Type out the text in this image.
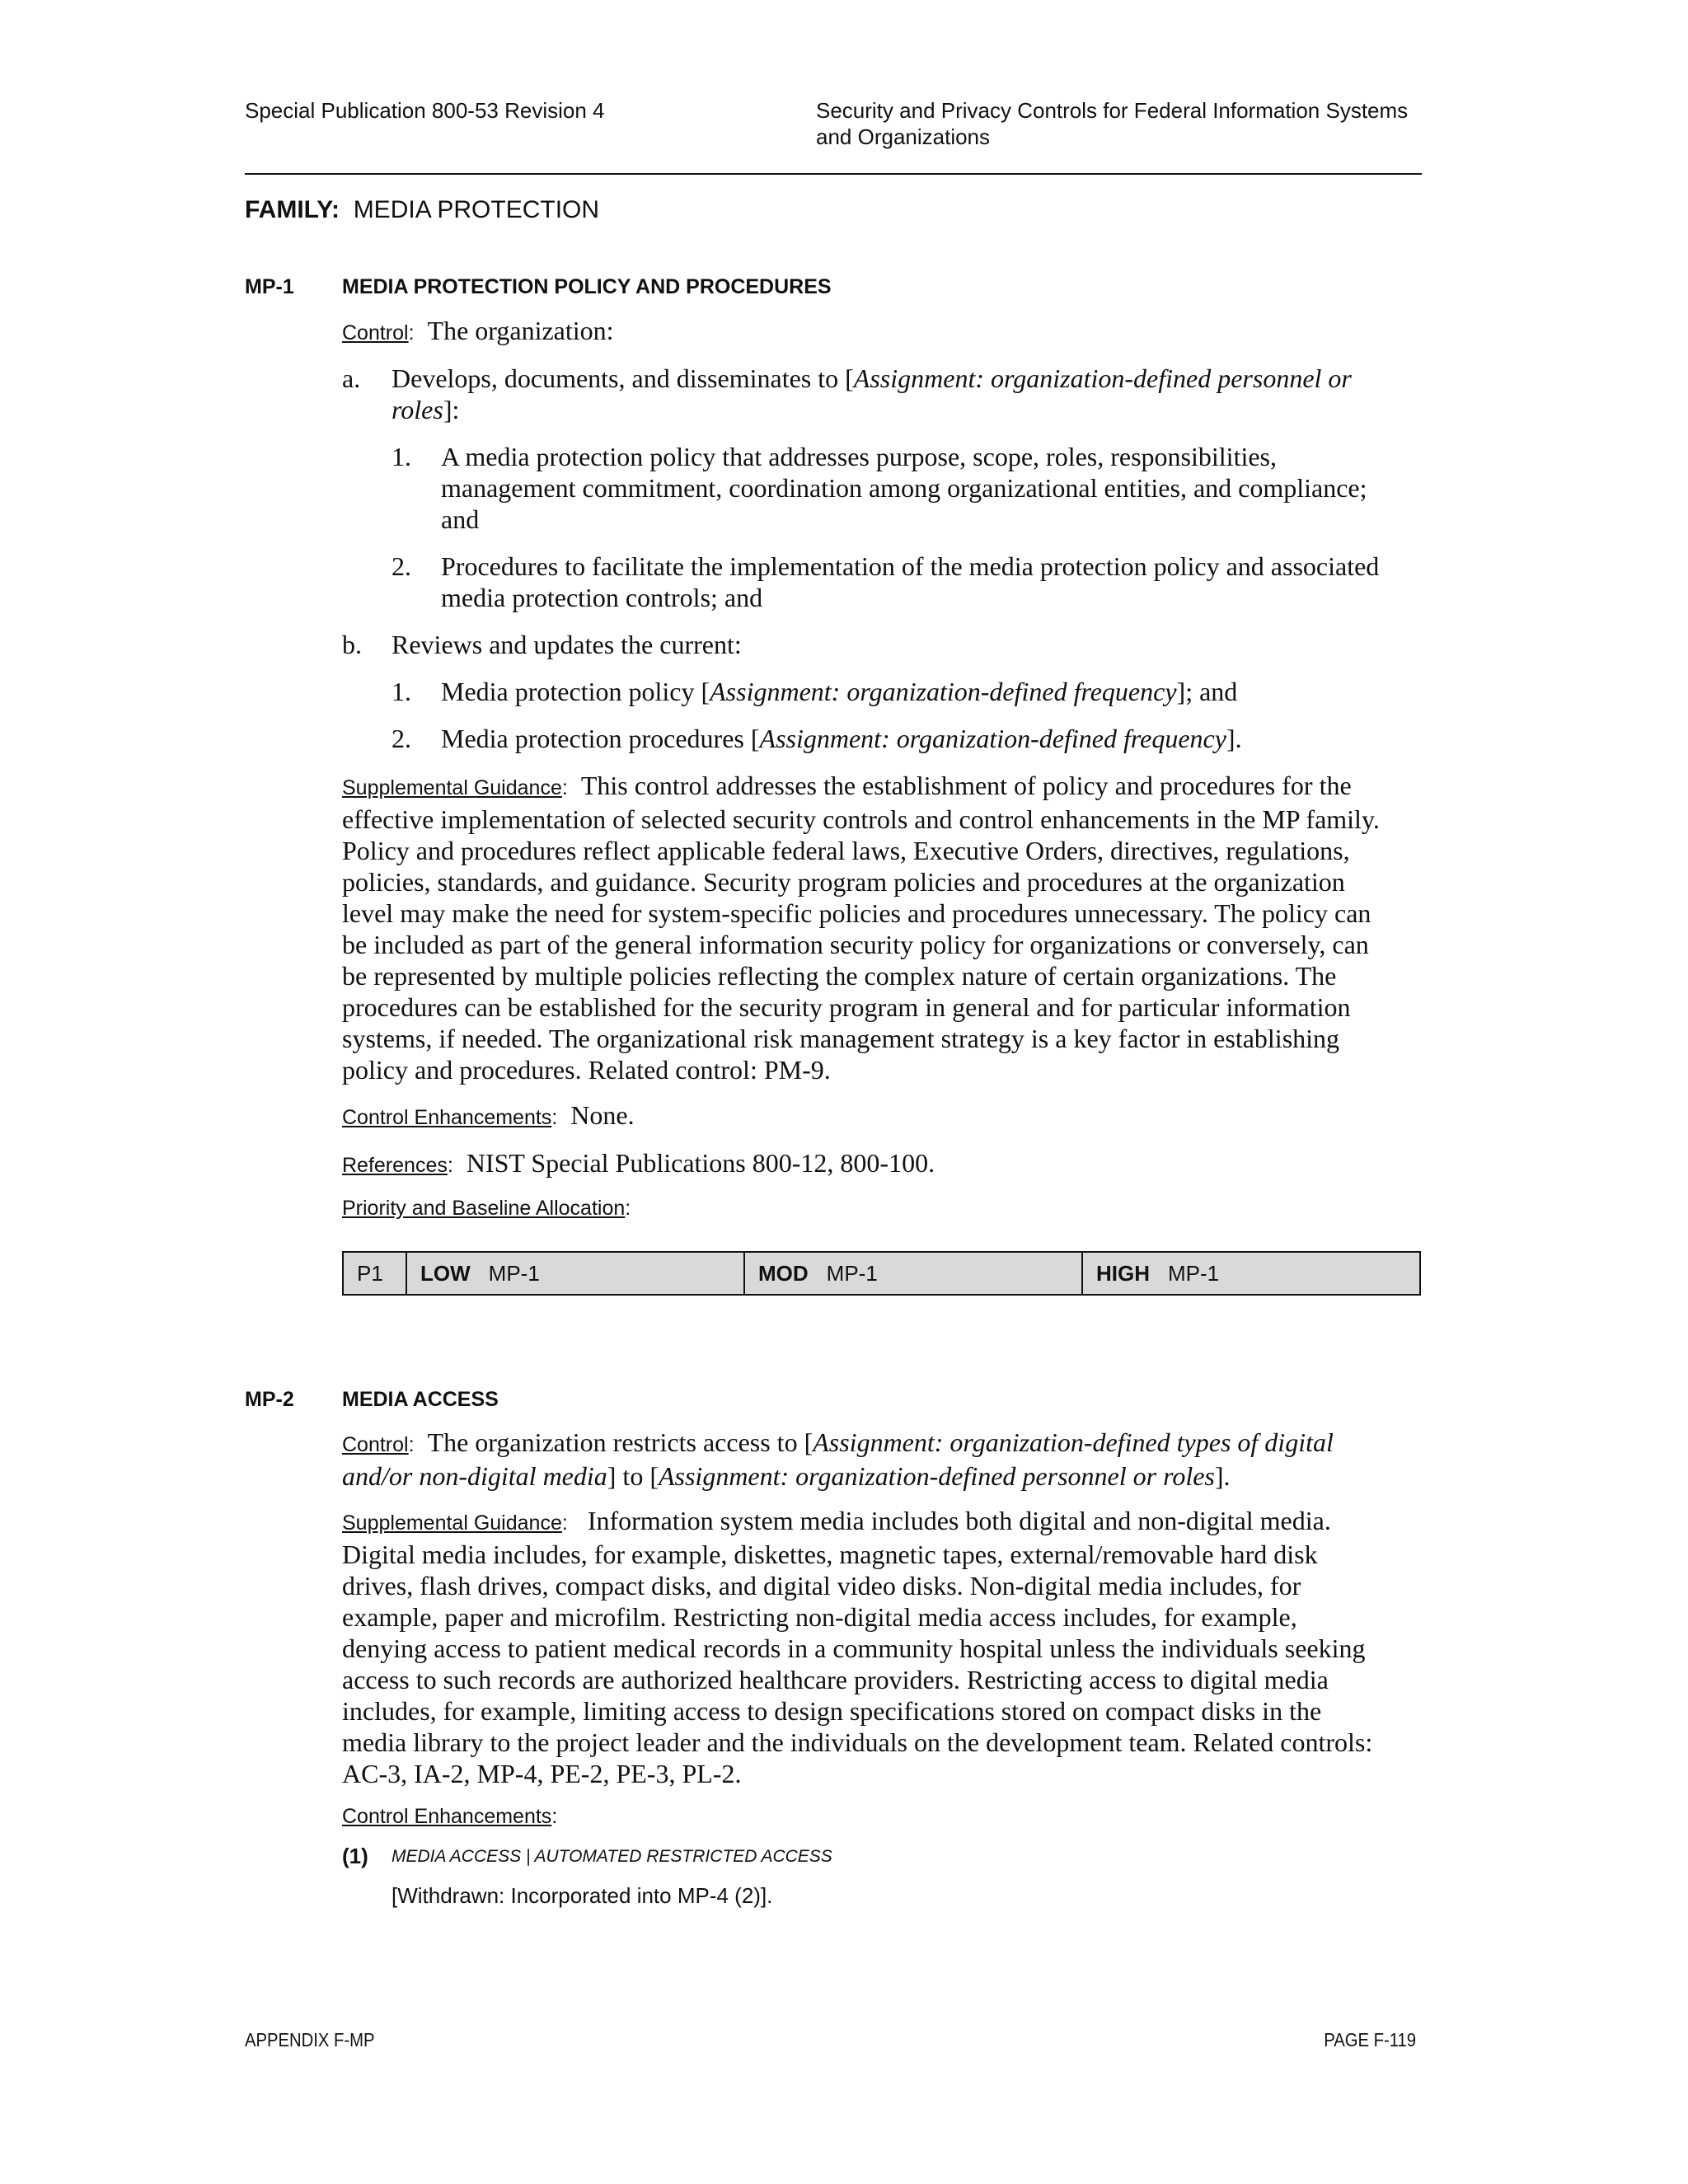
Special Publication 800-53 Revision 4	Security and Privacy Controls for Federal Information Systems
and Organizations
FAMILY: MEDIA PROTECTION
MP-1 MEDIA PROTECTION POLICY AND PROCEDURES

Control: The organization:

a. Develops, documents, and disseminates to [Assignment: organization-defined personnel or
roles]:
1. A media protection policy that addresses purpose, scope, roles, responsibilities,
management commitment, coordination among organizational entities, and compliance;
and
2. Procedures to facilitate the implementation of the media protection policy and associated
media protection controls; and
b. Reviews and updates the current:
1. Media protection policy [Assignment: organization-defined frequency]; and
2. Media protection procedures [Assignment: organization-defined frequency].
Supplemental Guidance: This control addresses the establishment of policy and procedures for the
effective implementation of selected security controls and control enhancements in the MP family.
Policy and procedures reflect applicable federal laws, Executive Orders, directives, regulations,
policies, standards, and guidance. Security program policies and procedures at the organization
level may make the need for system-specific policies and procedures unnecessary. The policy can
be included as part of the general information security policy for organizations or conversely, can
be represented by multiple policies reflecting the complex nature of certain organizations. The
procedures can be established for the security program in general and for particular information
systems, if needed. The organizational risk management strategy is a key factor in establishing
policy and procedures. Related control: PM-9.

Control Enhancements: None.

References: NIST Special Publications 800-12, 800-100.

Priority and Baseline Allocation:
P1	LOW MP-1	MOD MP-1	HIGH MP-1
MP-2 MEDIA ACCESS
Control: The organization restricts access to [Assignment: organization-defined types of digital
and/or non-digital media] to [Assignment: organization-defined personnel or roles].
Supplemental Guidance: Information system media includes both digital and non-digital media.
Digital media includes, for example, diskettes, magnetic tapes, external/removable hard disk
drives, flash drives, compact disks, and digital video disks. Non-digital media includes, for
example, paper and microfilm. Restricting non-digital media access includes, for example,
denying access to patient medical records in a community hospital unless the individuals seeking
access to such records are authorized healthcare providers. Restricting access to digital media
includes, for example, limiting access to design specifications stored on compact disks in the
media library to the project leader and the individuals on the development team. Related controls:
AC-3, IA-2, MP-4, PE-2, PE-3, PL-2.
Control Enhancements:
(1) MEDIA ACCESS | AUTOMATED RESTRICTED ACCESS
[Withdrawn: Incorporated into MP-4 (2)].
APPENDIX F-MP	PAGE F-119
